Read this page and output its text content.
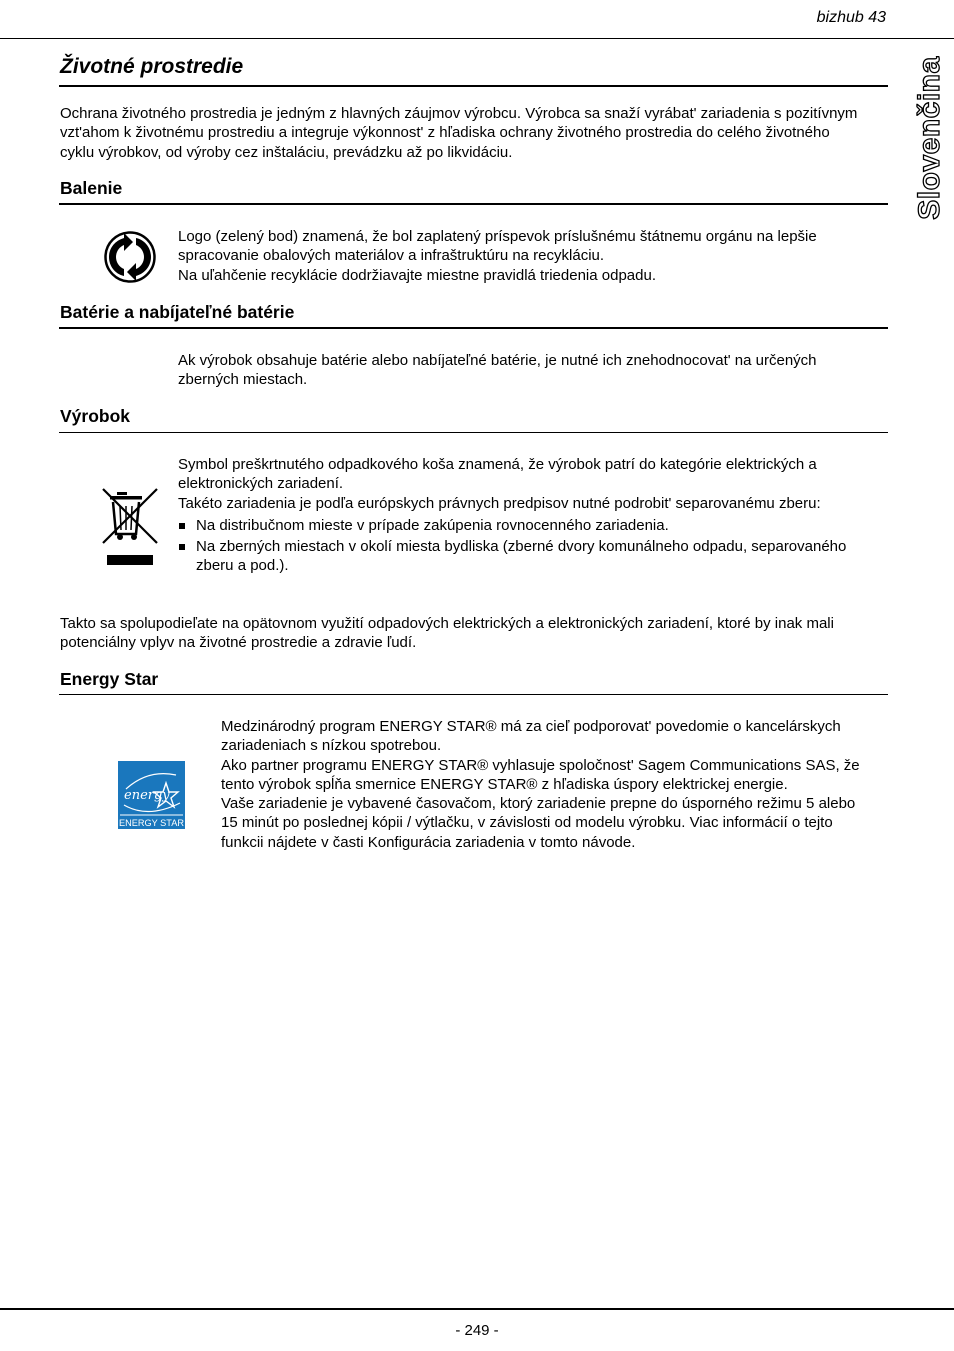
bizhub 43
Slovenčina
Životné prostredie
Ochrana životného prostredia je jedným z hlavných záujmov výrobcu. Výrobca sa snaží vyrábat' zariadenia s pozitívnym vzt'ahom k životnému prostrediu a integruje výkonnost' z hľadiska ochrany životného prostredia do celého životného cyklu výrobkov, od výroby cez inštaláciu, prevádzku až po likvidáciu.
Balenie

Logo (zelený bod) znamená, že bol zaplatený príspevok príslušnému štátnemu orgánu na lepšie spracovanie obalových materiálov a infraštruktúru na recykláciu.

Na uľahčenie recyklácie dodržiavajte miestne pravidlá triedenia odpadu.

Batérie a nabíjateľné batérie
Ak výrobok obsahuje batérie alebo nabíjateľné batérie, je nutné ich znehodnocovat' na určených zberných miestach.
Výrobok

Symbol preškrtnutého odpadkového koša znamená, že výrobok patrí do kategórie elektrických a elektronických zariadení.

Takéto zariadenia je podľa európskych právnych predpisov nutné podrobit' separovanému zberu:

Na distribučnom mieste v prípade zakúpenia rovnocenného zariadenia.
Na zberných miestach v okolí miesta bydliska (zberné dvory komunálneho odpadu, separovaného zberu a pod.).
Takto sa spolupodieľate na opätovnom využití odpadových elektrických a elektronických zariadení, ktoré by inak mali potenciálny vplyv na životné prostredie a zdravie ľudí.
Energy Star
energy
ENERGY STAR

Medzinárodný program ENERGY STAR® má za cieľ podporovat' povedomie o kancelárskych zariadeniach s nízkou spotrebou.

Ako partner programu ENERGY STAR® vyhlasuje spoločnost' Sagem Communications SAS, že tento výrobok spĺňa smernice ENERGY STAR® z hľadiska úspory elektrickej energie.

Vaše zariadenie je vybavené časovačom, ktorý zariadenie prepne do úsporného režimu 5 alebo 15 minút po poslednej kópii / výtlačku, v závislosti od modelu výrobku. Viac informácií o tejto funkcii nájdete v časti Konfigurácia zariadenia v tomto návode.

- 249 -
